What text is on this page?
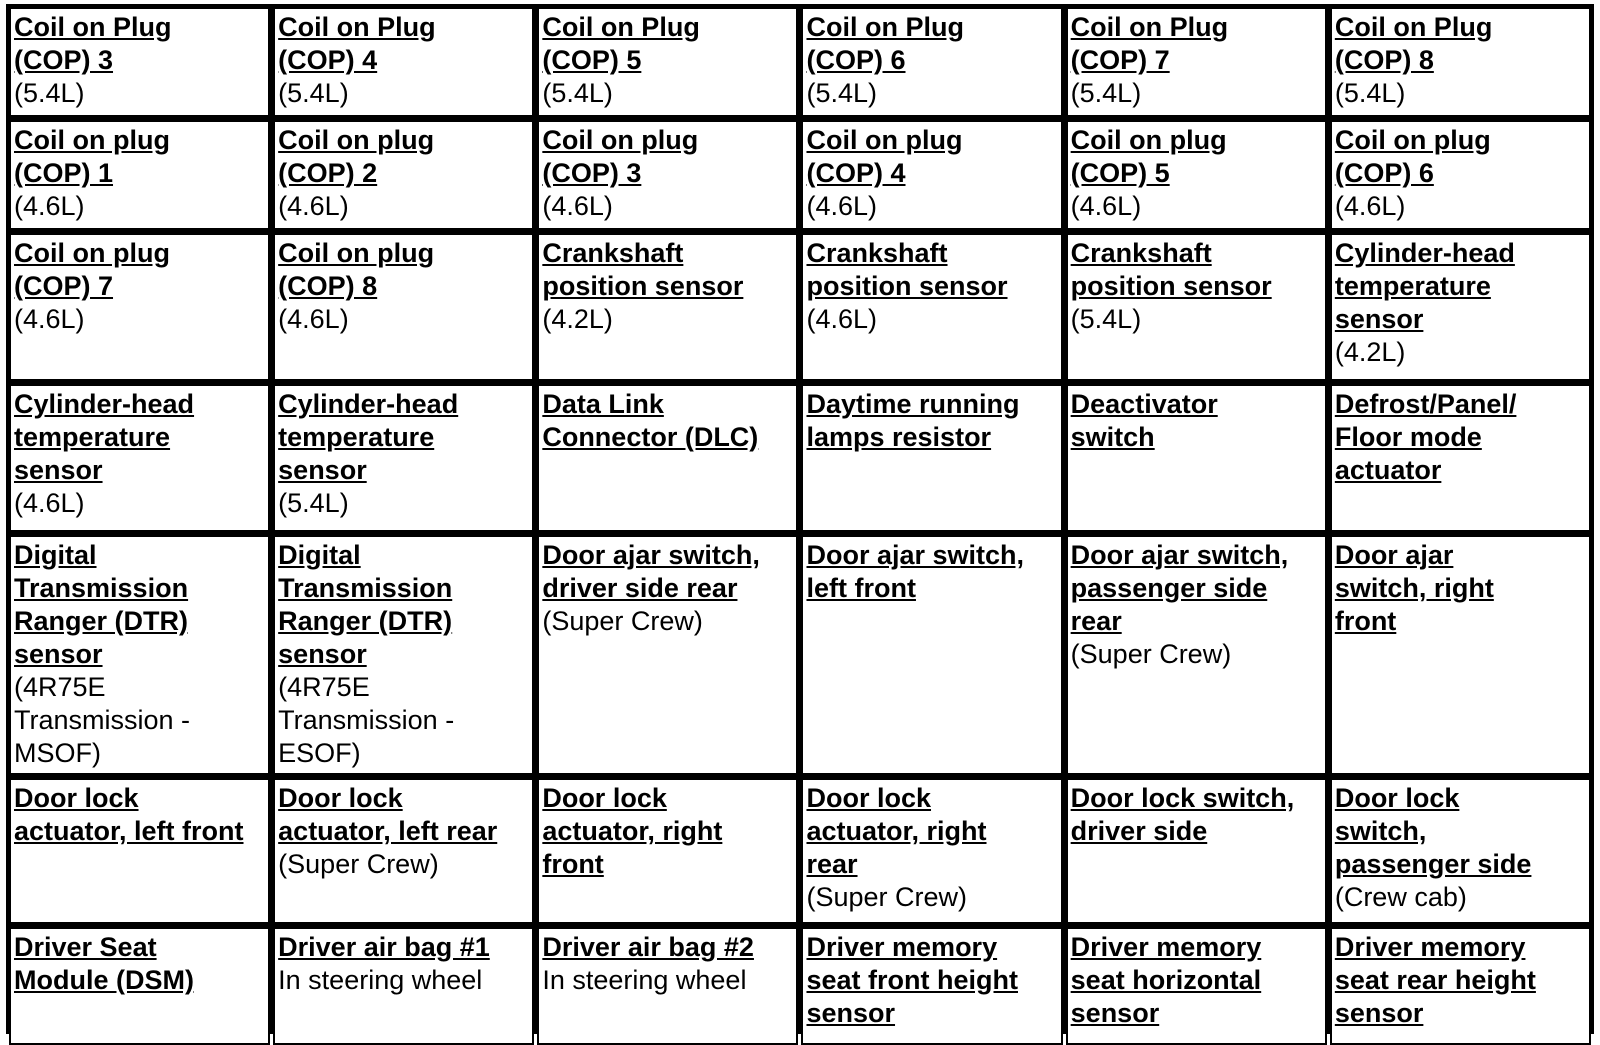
Coil on Plug
(COP) 3
(5.4L)
Coil on Plug
(COP) 4
(5.4L)
Coil on Plug
(COP) 5
(5.4L)
Coil on Plug
(COP) 6
(5.4L)
Coil on Plug
(COP) 7
(5.4L)
Coil on Plug
(COP) 8
(5.4L)
Coil on plug
(COP) 1
(4.6L)
Coil on plug
(COP) 2
(4.6L)
Coil on plug
(COP) 3
(4.6L)
Coil on plug
(COP) 4
(4.6L)
Coil on plug
(COP) 5
(4.6L)
Coil on plug
(COP) 6
(4.6L)
Coil on plug
(COP) 7
(4.6L)
Coil on plug
(COP) 8
(4.6L)
Crankshaft
position sensor
(4.2L)
Crankshaft
position sensor
(4.6L)
Crankshaft
position sensor
(5.4L)
Cylinder-head
temperature
sensor
(4.2L)
Cylinder-head
temperature
sensor
(4.6L)
Cylinder-head
temperature
sensor
(5.4L)
Data Link
Connector (DLC)
Daytime running
lamps resistor
Deactivator
switch
Defrost/Panel/
Floor mode
actuator
Digital
Transmission
Ranger (DTR)
sensor
(4R75E
Transmission -
MSOF)
Digital
Transmission
Ranger (DTR)
sensor
(4R75E
Transmission -
ESOF)
Door ajar switch,
driver side rear
(Super Crew)
Door ajar switch,
left front
Door ajar switch,
passenger side
rear
(Super Crew)
Door ajar
switch, right
front
Door lock
actuator, left front
Door lock
actuator, left rear
(Super Crew)
Door lock
actuator, right
front
Door lock
actuator, right
rear
(Super Crew)
Door lock switch,
driver side
Door lock
switch,
passenger side
(Crew cab)
Driver Seat
Module (DSM)
Driver air bag #1
In steering wheel
Driver air bag #2
In steering wheel
Driver memory
seat front height
sensor
Driver memory
seat horizontal
sensor
Driver memory
seat rear height
sensor
